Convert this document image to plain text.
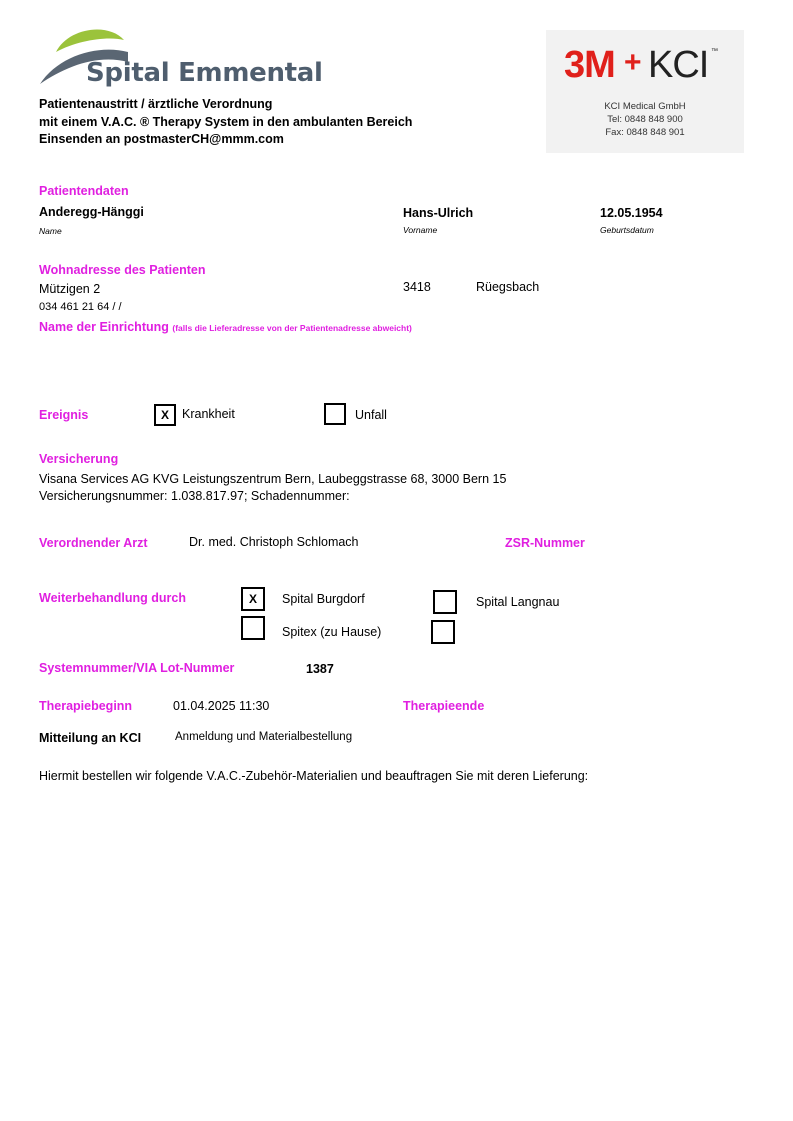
Spital Emmental
Patientenaustritt / ärztliche Verordnung
mit einem V.A.C. ® Therapy System in den ambulanten Bereich
Einsenden an postmasterCH@mmm.com
3M + KCI ™
KCI Medical GmbH
Tel: 0848 848 900
Fax: 0848 848 901
Patientendaten
Anderegg-Hänggi
Name
Hans-Ulrich
Vorname
12.05.1954
Geburtsdatum
Wohnadresse des Patienten
Mützigen 2	3418	Rüegsbach
034 461 21 64 / /
Name der Einrichtung (falls die Lieferadresse von der Patientenadresse abweicht)
Ereignis	X	Krankheit	Unfall
Versicherung
Visana Services AG KVG Leistungszentrum Bern, Laubeggstrasse 68, 3000 Bern 15
Versicherungsnummer: 1.038.817.97; Schadennummer:
Verordnender Arzt	Dr. med. Christoph Schlomach	ZSR-Nummer
Weiterbehandlung durch	X	Spital Burgdorf	Spital Langnau
Spitex (zu Hause)
Systemnummer/VIA Lot-Nummer	1387
Therapiebeginn	01.04.2025 11:30	Therapieende
Mitteilung an KCI	Anmeldung und Materialbestellung
Hiermit bestellen wir folgende V.A.C.-Zubehör-Materialien und beauftragen Sie mit deren Lieferung:
